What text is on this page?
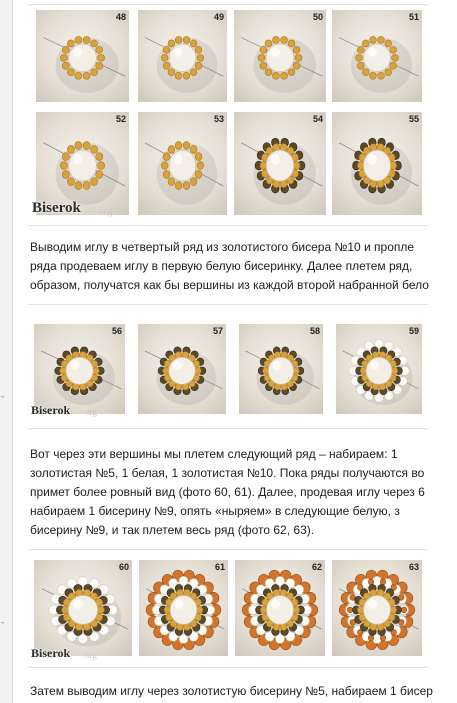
-
-
48	49	50	51
52	53	54	55
Biserok org

Выводим иглу в четвертый ряд из золотистого бисера №10 и пропле
ряда продеваем иглу в первую белую бисеринку. Далее плетем ряд,
образом, получатся как бы вершины из каждой второй набранной бело

56	57	58	59
Biserok org

Вот через эти вершины мы плетем следующий ряд – набираем: 1
золотистая №5, 1 белая, 1 золотистая №10. Пока ряды получаются во
примет более ровный вид (фото 60, 61). Далее, продевая иглу через 6
набираем 1 бисерину №9, опять «ныряем» в следующие белую, з
бисерину №9, и так плетем весь ряд (фото 62, 63).

60	61	62	63
Biserok org

Затем выводим иглу через золотистую бисерину №5, набираем 1 бисер
